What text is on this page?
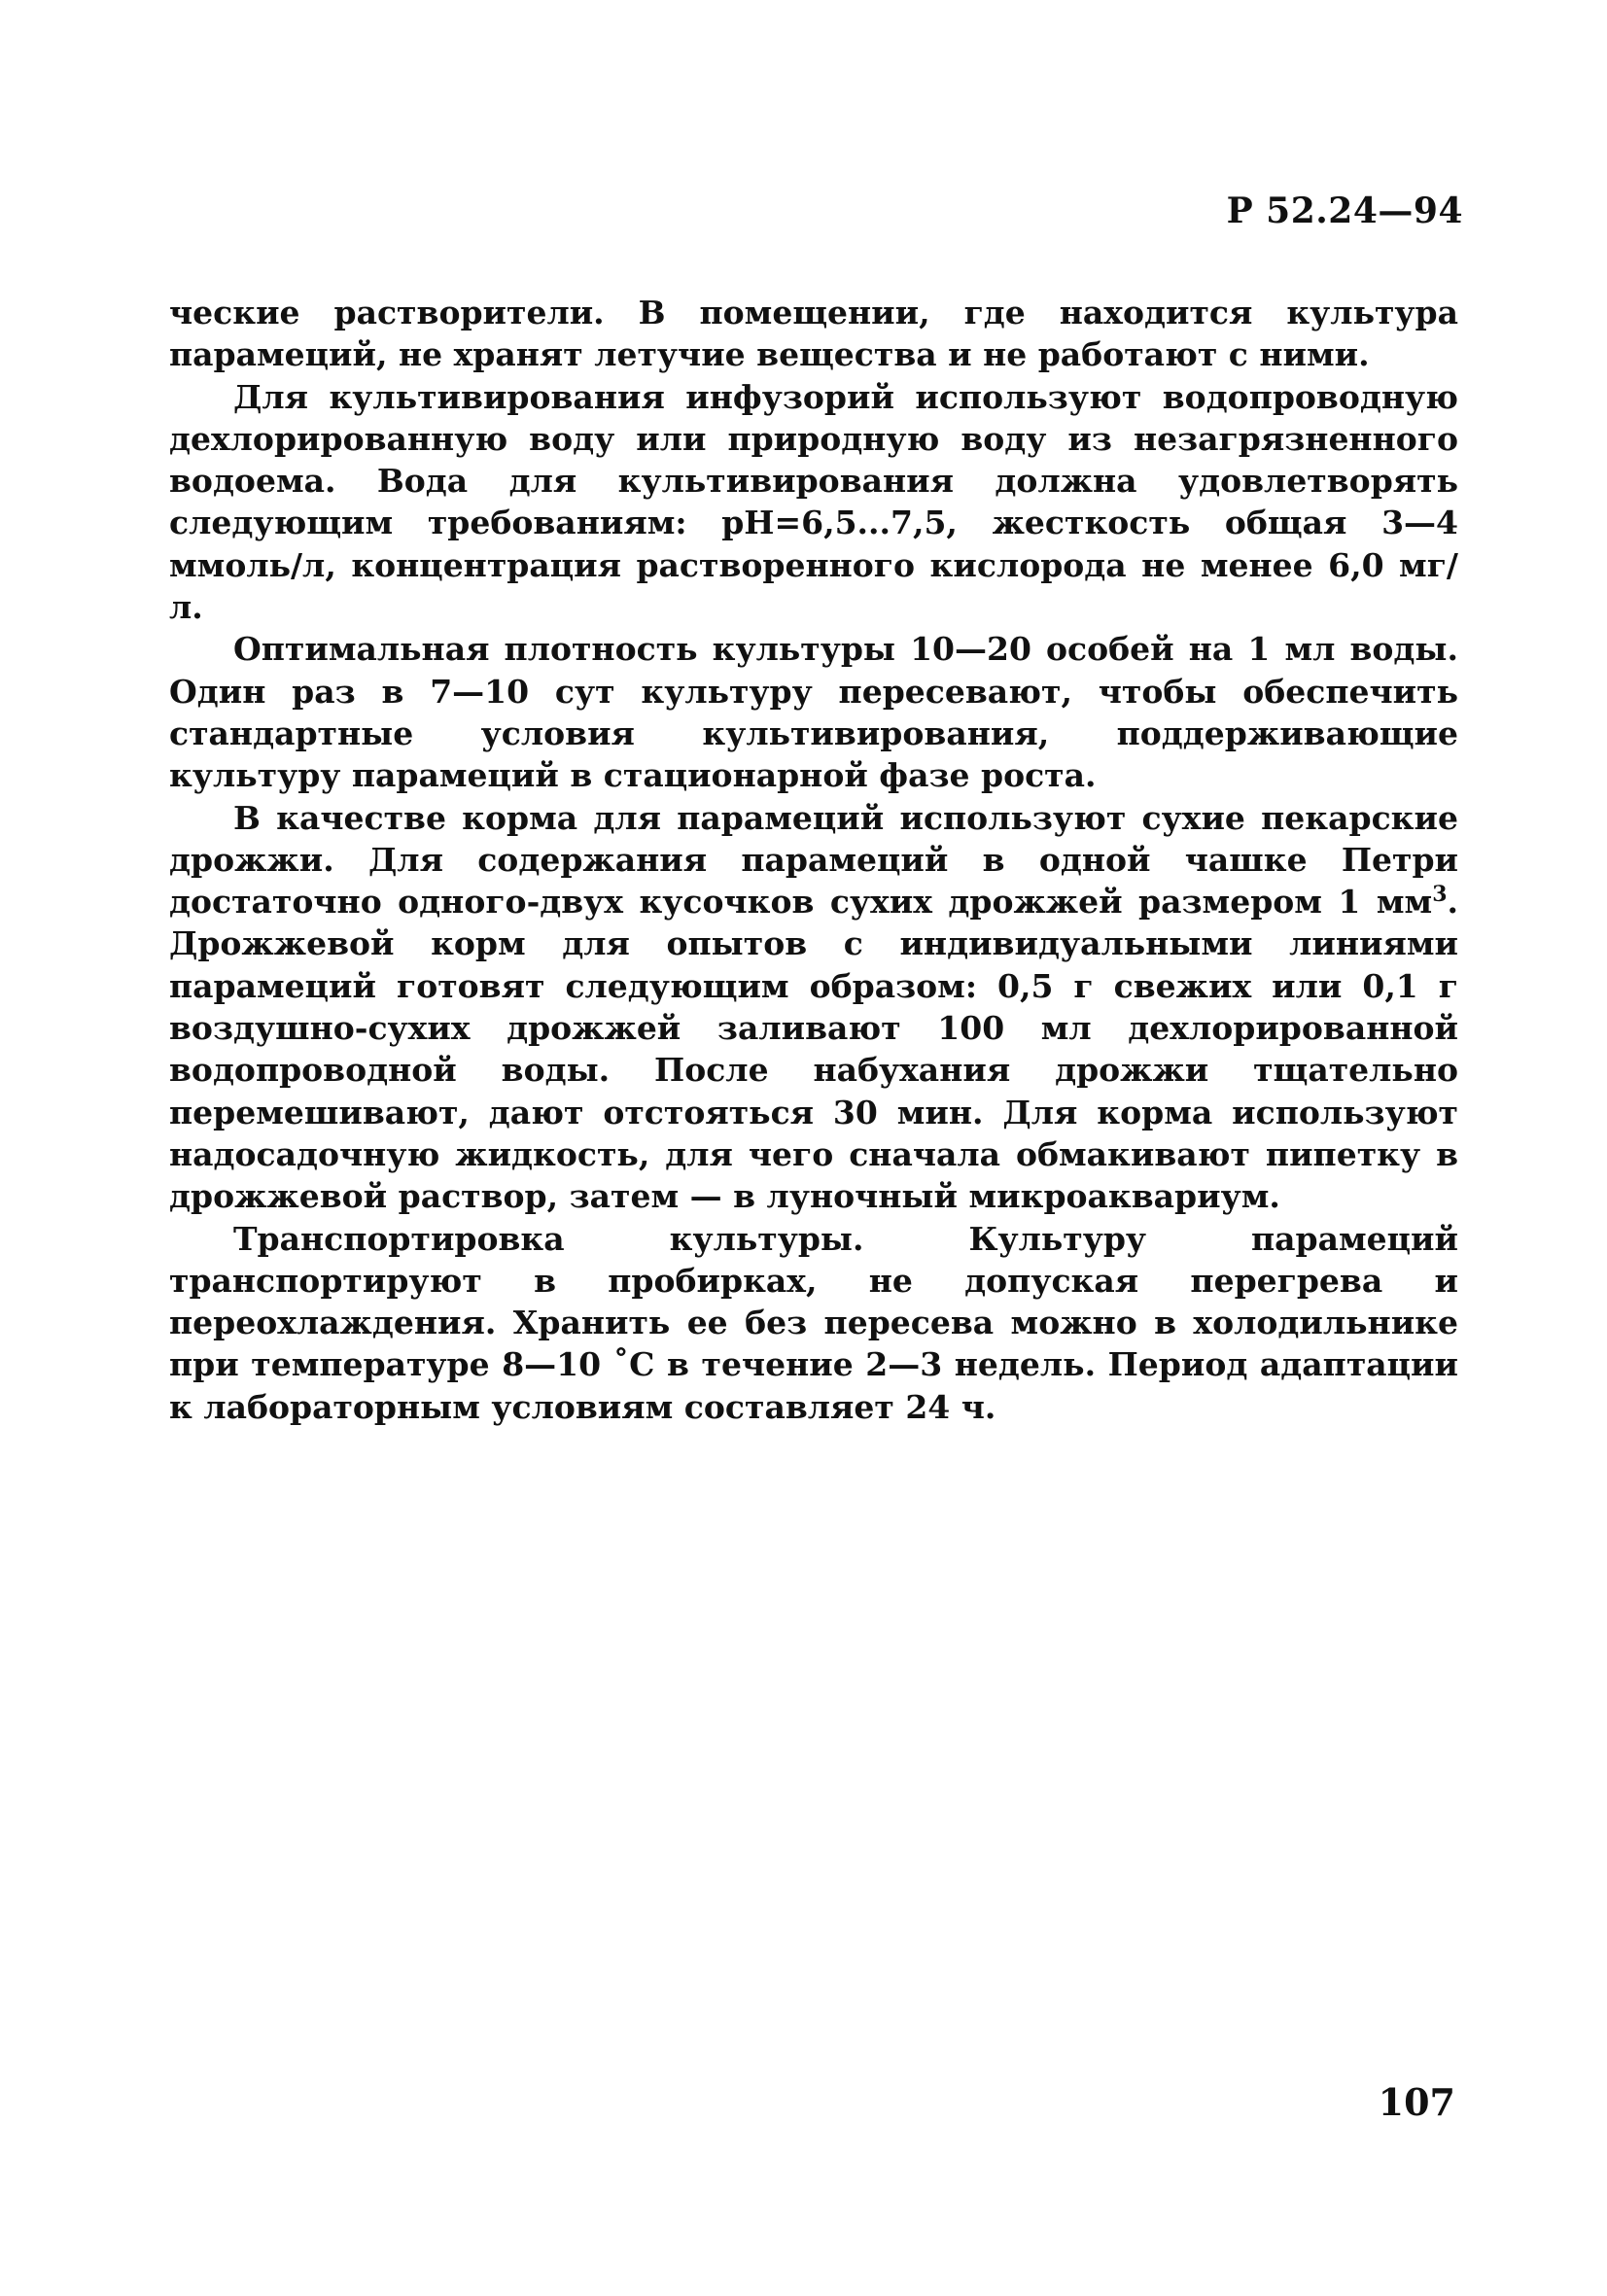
Р 52.24—94

ческие растворители. В помещении, где находится культура парамеций, не хранят летучие вещества и не работают с ними.

Для культивирования инфузорий используют водопроводную дехлорированную воду или природную воду из незагрязненного водоема. Вода для культивирования должна удовлетворять следующим требованиям: pH=6,5...7,5, жесткость общая 3—4 ммоль/л, концентрация растворенного кислорода не менее 6,0 мг/л.

Оптимальная плотность культуры 10—20 особей на 1 мл воды. Один раз в 7—10 сут культуру пересевают, чтобы обеспечить стандартные условия культивирования, поддерживающие культуру парамеций в стационарной фазе роста.

В качестве корма для парамеций используют сухие пекарские дрожжи. Для содержания парамеций в одной чашке Петри достаточно одного-двух кусочков сухих дрожжей размером 1 $мм^3$. Дрожжевой корм для опытов с индивидуальными линиями парамеций готовят следующим образом: 0,5 г свежих или 0,1 г воздушно-сухих дрожжей заливают 100 мл дехлорированной водопроводной воды. После набухания дрожжи тщательно перемешивают, дают отстояться 30 мин. Для корма используют надосадочную жидкость, для чего сначала обмакивают пипетку в дрожжевой раствор, затем — в луночный микроаквариум.

Транспортировка культуры. Культуру парамеций транспортируют в пробирках, не допуская перегрева и переохлаждения. Хранить ее без пересева можно в холодильнике при температуре 8—10 ˚С в течение 2—3 недель. Период адаптации к лабораторным условиям составляет 24 ч.

107
